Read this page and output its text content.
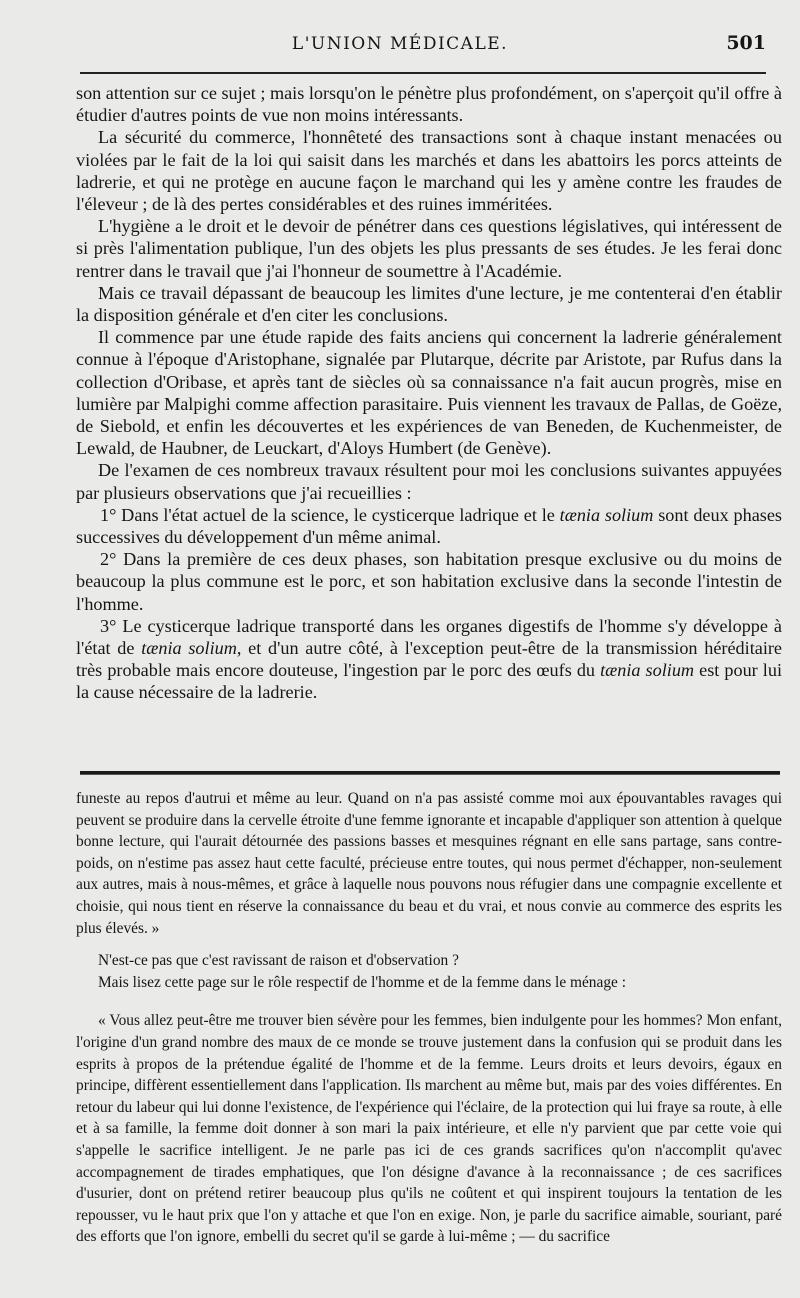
L'UNION MÉDICALE.	501

son attention sur ce sujet ; mais lorsqu'on le pénètre plus profondément, on s'aperçoit qu'il offre à étudier d'autres points de vue non moins intéressants.

La sécurité du commerce, l'honnêteté des transactions sont à chaque instant menacées ou violées par le fait de la loi qui saisit dans les marchés et dans les abattoirs les porcs atteints de ladrerie, et qui ne protège en aucune façon le marchand qui les y amène contre les fraudes de l'éleveur ; de là des pertes considérables et des ruines imméritées.

L'hygiène a le droit et le devoir de pénétrer dans ces questions législatives, qui intéressent de si près l'alimentation publique, l'un des objets les plus pressants de ses études. Je les ferai donc rentrer dans le travail que j'ai l'honneur de soumettre à l'Académie.

Mais ce travail dépassant de beaucoup les limites d'une lecture, je me contenterai d'en établir la disposition générale et d'en citer les conclusions.

Il commence par une étude rapide des faits anciens qui concernent la ladrerie généralement connue à l'époque d'Aristophane, signalée par Plutarque, décrite par Aristote, par Rufus dans la collection d'Oribase, et après tant de siècles où sa connaissance n'a fait aucun progrès, mise en lumière par Malpighi comme affection parasitaire. Puis viennent les travaux de Pallas, de Goëze, de Siebold, et enfin les découvertes et les expériences de van Beneden, de Kuchenmeister, de Lewald, de Haubner, de Leuckart, d'Aloys Humbert (de Genève).

De l'examen de ces nombreux travaux résultent pour moi les conclusions suivantes appuyées par plusieurs observations que j'ai recueillies :

1° Dans l'état actuel de la science, le cysticerque ladrique et le tænia solium sont deux phases successives du développement d'un même animal.

2° Dans la première de ces deux phases, son habitation presque exclusive ou du moins de beaucoup la plus commune est le porc, et son habitation exclusive dans la seconde l'intestin de l'homme.

3° Le cysticerque ladrique transporté dans les organes digestifs de l'homme s'y développe à l'état de tænia solium, et d'un autre côté, à l'exception peut-être de la transmission héréditaire très probable mais encore douteuse, l'ingestion par le porc des œufs du tænia solium est pour lui la cause nécessaire de la ladrerie.

funeste au repos d'autrui et même au leur. Quand on n'a pas assisté comme moi aux épouvantables ravages qui peuvent se produire dans la cervelle étroite d'une femme ignorante et incapable d'appliquer son attention à quelque bonne lecture, qui l'aurait détournée des passions basses et mesquines régnant en elle sans partage, sans contre-poids, on n'estime pas assez haut cette faculté, précieuse entre toutes, qui nous permet d'échapper, non-seulement aux autres, mais à nous-mêmes, et grâce à laquelle nous pouvons nous réfugier dans une compagnie excellente et choisie, qui nous tient en réserve la connaissance du beau et du vrai, et nous convie au commerce des esprits les plus élevés. »

N'est-ce pas que c'est ravissant de raison et d'observation ?

Mais lisez cette page sur le rôle respectif de l'homme et de la femme dans le ménage :

« Vous allez peut-être me trouver bien sévère pour les femmes, bien indulgente pour les hommes? Mon enfant, l'origine d'un grand nombre des maux de ce monde se trouve justement dans la confusion qui se produit dans les esprits à propos de la prétendue égalité de l'homme et de la femme. Leurs droits et leurs devoirs, égaux en principe, diffèrent essentiellement dans l'application. Ils marchent au même but, mais par des voies différentes. En retour du labeur qui lui donne l'existence, de l'expérience qui l'éclaire, de la protection qui lui fraye sa route, à elle et à sa famille, la femme doit donner à son mari la paix intérieure, et elle n'y parvient que par cette voie qui s'appelle le sacrifice intelligent. Je ne parle pas ici de ces grands sacrifices qu'on n'accomplit qu'avec accompagnement de tirades emphatiques, que l'on désigne d'avance à la reconnaissance ; de ces sacrifices d'usurier, dont on prétend retirer beaucoup plus qu'ils ne coûtent et qui inspirent toujours la tentation de les repousser, vu le haut prix que l'on y attache et que l'on en exige. Non, je parle du sacrifice aimable, souriant, paré des efforts que l'on ignore, embelli du secret qu'il se garde à lui-même ; — du sacrifice
